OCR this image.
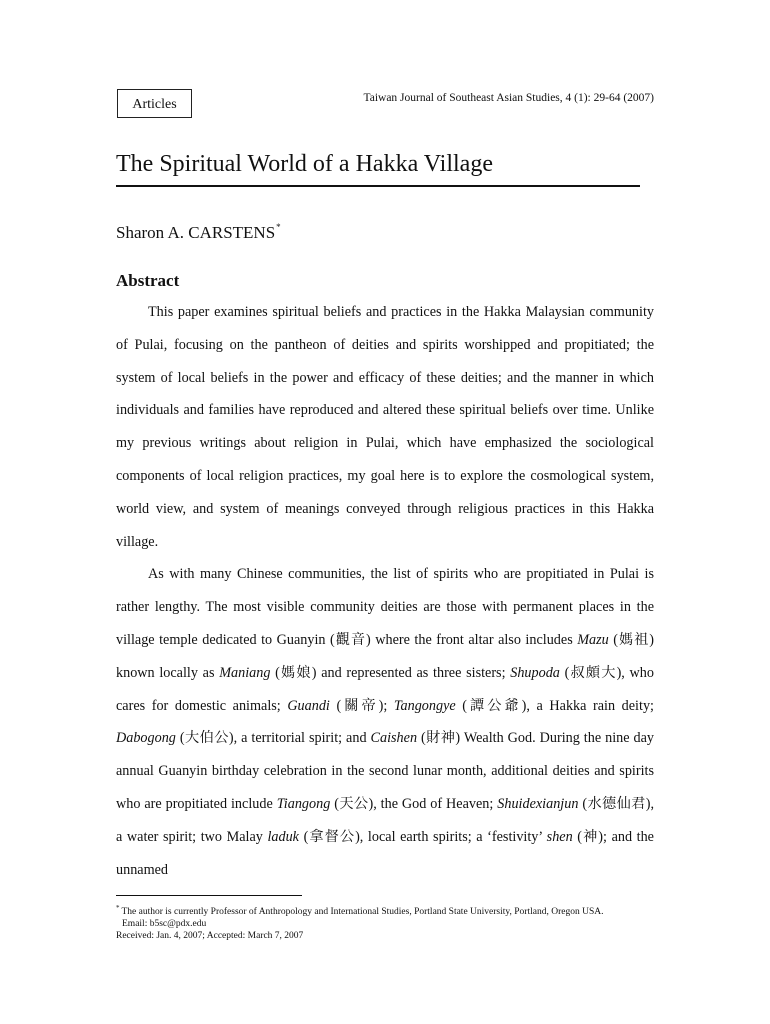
Articles	Taiwan Journal of Southeast Asian Studies, 4 (1): 29-64 (2007)
The Spiritual World of a Hakka Village
Sharon A. CARSTENS*
Abstract

This paper examines spiritual beliefs and practices in the Hakka Malaysian community of Pulai, focusing on the pantheon of deities and spirits worshipped and propitiated; the system of local beliefs in the power and efficacy of these deities; and the manner in which individuals and families have reproduced and altered these spiritual beliefs over time. Unlike my previous writings about religion in Pulai, which have emphasized the sociological components of local religion practices, my goal here is to explore the cosmological system, world view, and system of meanings conveyed through religious practices in this Hakka village.

As with many Chinese communities, the list of spirits who are propitiated in Pulai is rather lengthy. The most visible community deities are those with permanent places in the village temple dedicated to Guanyin (觀音) where the front altar also includes Mazu (媽祖) known locally as Maniang (媽娘) and represented as three sisters; Shupoda (叔頗大), who cares for domestic animals; Guandi (關帝); Tangongye (譚公爺), a Hakka rain deity; Dabogong (大伯公), a territorial spirit; and Caishen (財神) Wealth God. During the nine day annual Guanyin birthday celebration in the second lunar month, additional deities and spirits who are propitiated include Tiangong (天公), the God of Heaven; Shuidexianjun (水德仙君), a water spirit; two Malay laduk (拿督公), local earth spirits; a ‘festivity’ shen (神); and the unnamed

* The author is currently Professor of Anthropology and International Studies, Portland State University, Portland, Oregon USA.
Email: b5sc@pdx.edu
Received: Jan. 4, 2007; Accepted: March 7, 2007
